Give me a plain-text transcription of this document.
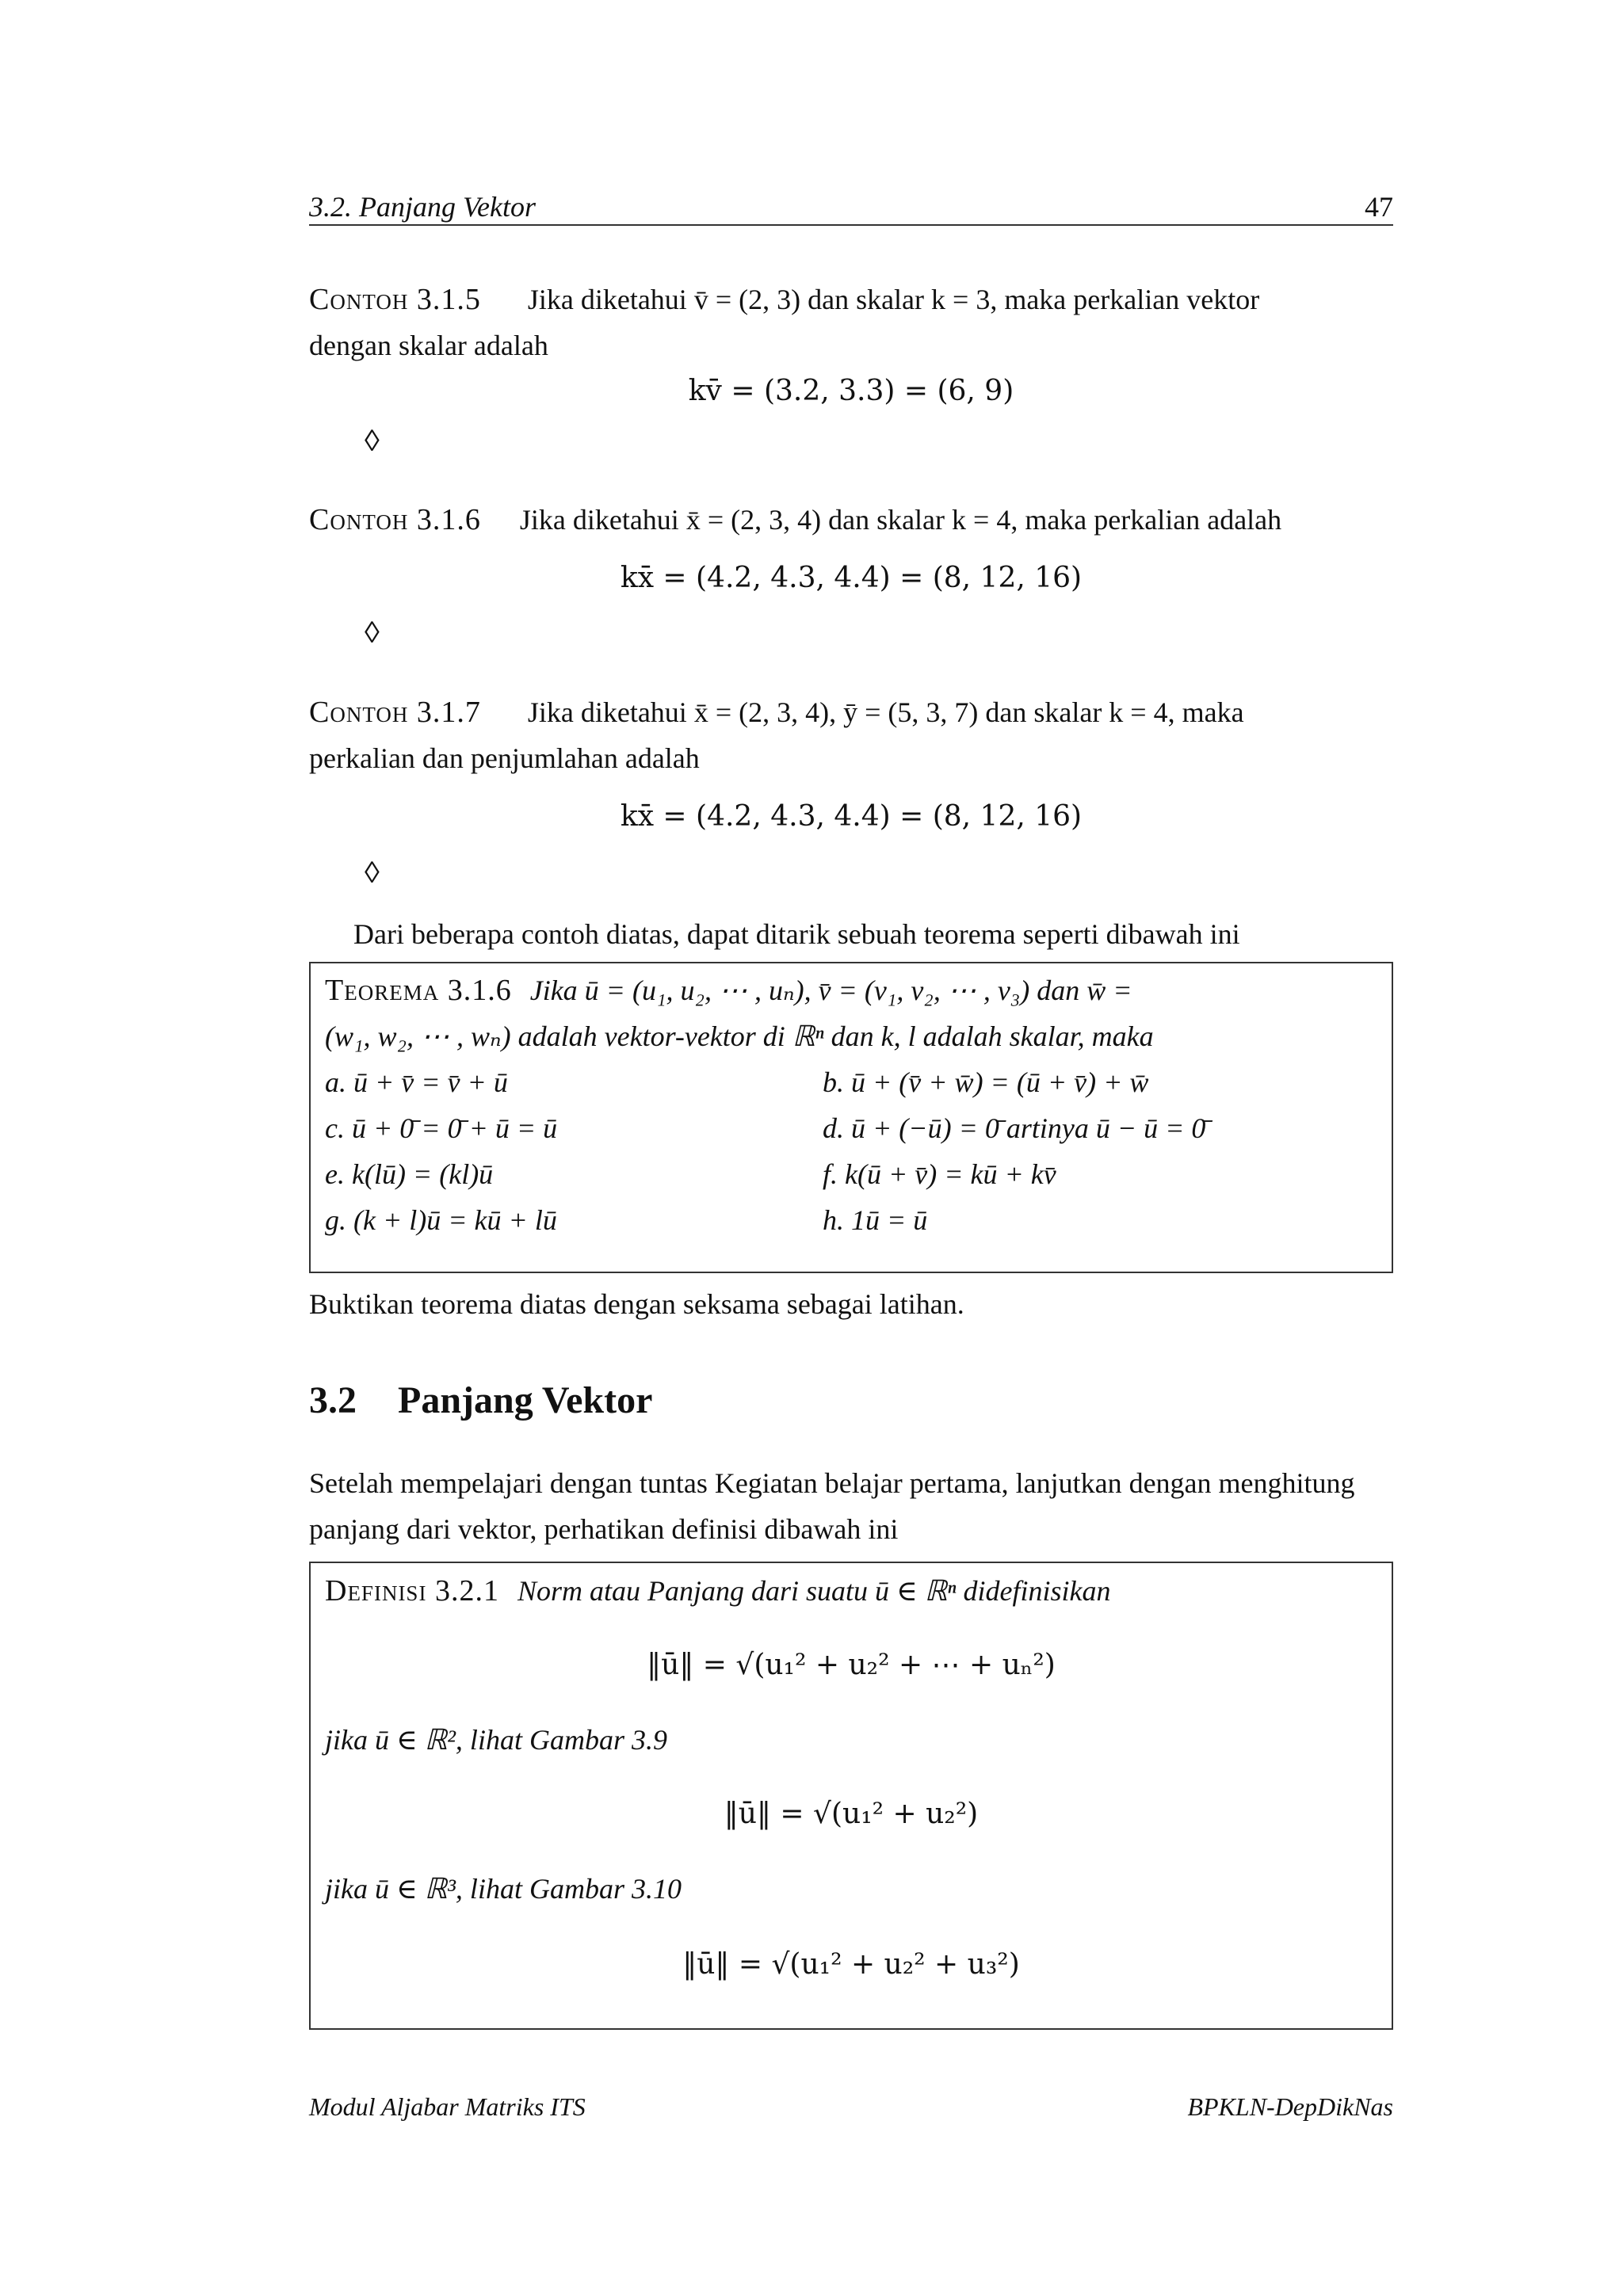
3.2. Panjang Vektor	47
Contoh 3.1.5 Jika diketahui v̄ = (2, 3) dan skalar k = 3, maka perkalian vektor
dengan skalar adalah
kv̄ = (3.2, 3.3) = (6, 9)
◊
Contoh 3.1.6 Jika diketahui x̄ = (2, 3, 4) dan skalar k = 4, maka perkalian adalah
kx̄ = (4.2, 4.3, 4.4) = (8, 12, 16)
◊
Contoh 3.1.7 Jika diketahui x̄ = (2, 3, 4), ȳ = (5, 3, 7) dan skalar k = 4, maka
perkalian dan penjumlahan adalah
kx̄ = (4.2, 4.3, 4.4) = (8, 12, 16)
◊
Dari beberapa contoh diatas, dapat ditarik sebuah teorema seperti dibawah ini
Teorema 3.1.6 Jika ū = (u₁, u₂, ⋯ , uₙ), v̄ = (v₁, v₂, ⋯ , v₃) dan w̄ =
(w₁, w₂, ⋯ , wₙ) adalah vektor-vektor di ℝⁿ dan k, l adalah skalar, maka
a. ū + v̄ = v̄ + ū
c. ū + 0̄ = 0̄ + ū = ū
e. k(lū) = (kl)ū
g. (k + l)ū = kū + lū
b. ū + (v̄ + w̄) = (ū + v̄) + w̄
d. ū + (−ū) = 0̄ artinya ū − ū = 0̄
f. k(ū + v̄) = kū + kv̄
h. 1ū = ū
Buktikan teorema diatas dengan seksama sebagai latihan.
3.2 Panjang Vektor
Setelah mempelajari dengan tuntas Kegiatan belajar pertama, lanjutkan dengan menghitung
panjang dari vektor, perhatikan definisi dibawah ini
Definisi 3.2.1 Norm atau Panjang dari suatu ū ∈ ℝⁿ didefinisikan
‖ū‖ = √(u₁² + u₂² + ⋯ + uₙ²)
jika ū ∈ ℝ², lihat Gambar 3.9
‖ū‖ = √(u₁² + u₂²)
jika ū ∈ ℝ³, lihat Gambar 3.10
‖ū‖ = √(u₁² + u₂² + u₃²)
Modul Aljabar Matriks ITS	BPKLN-DepDikNas
